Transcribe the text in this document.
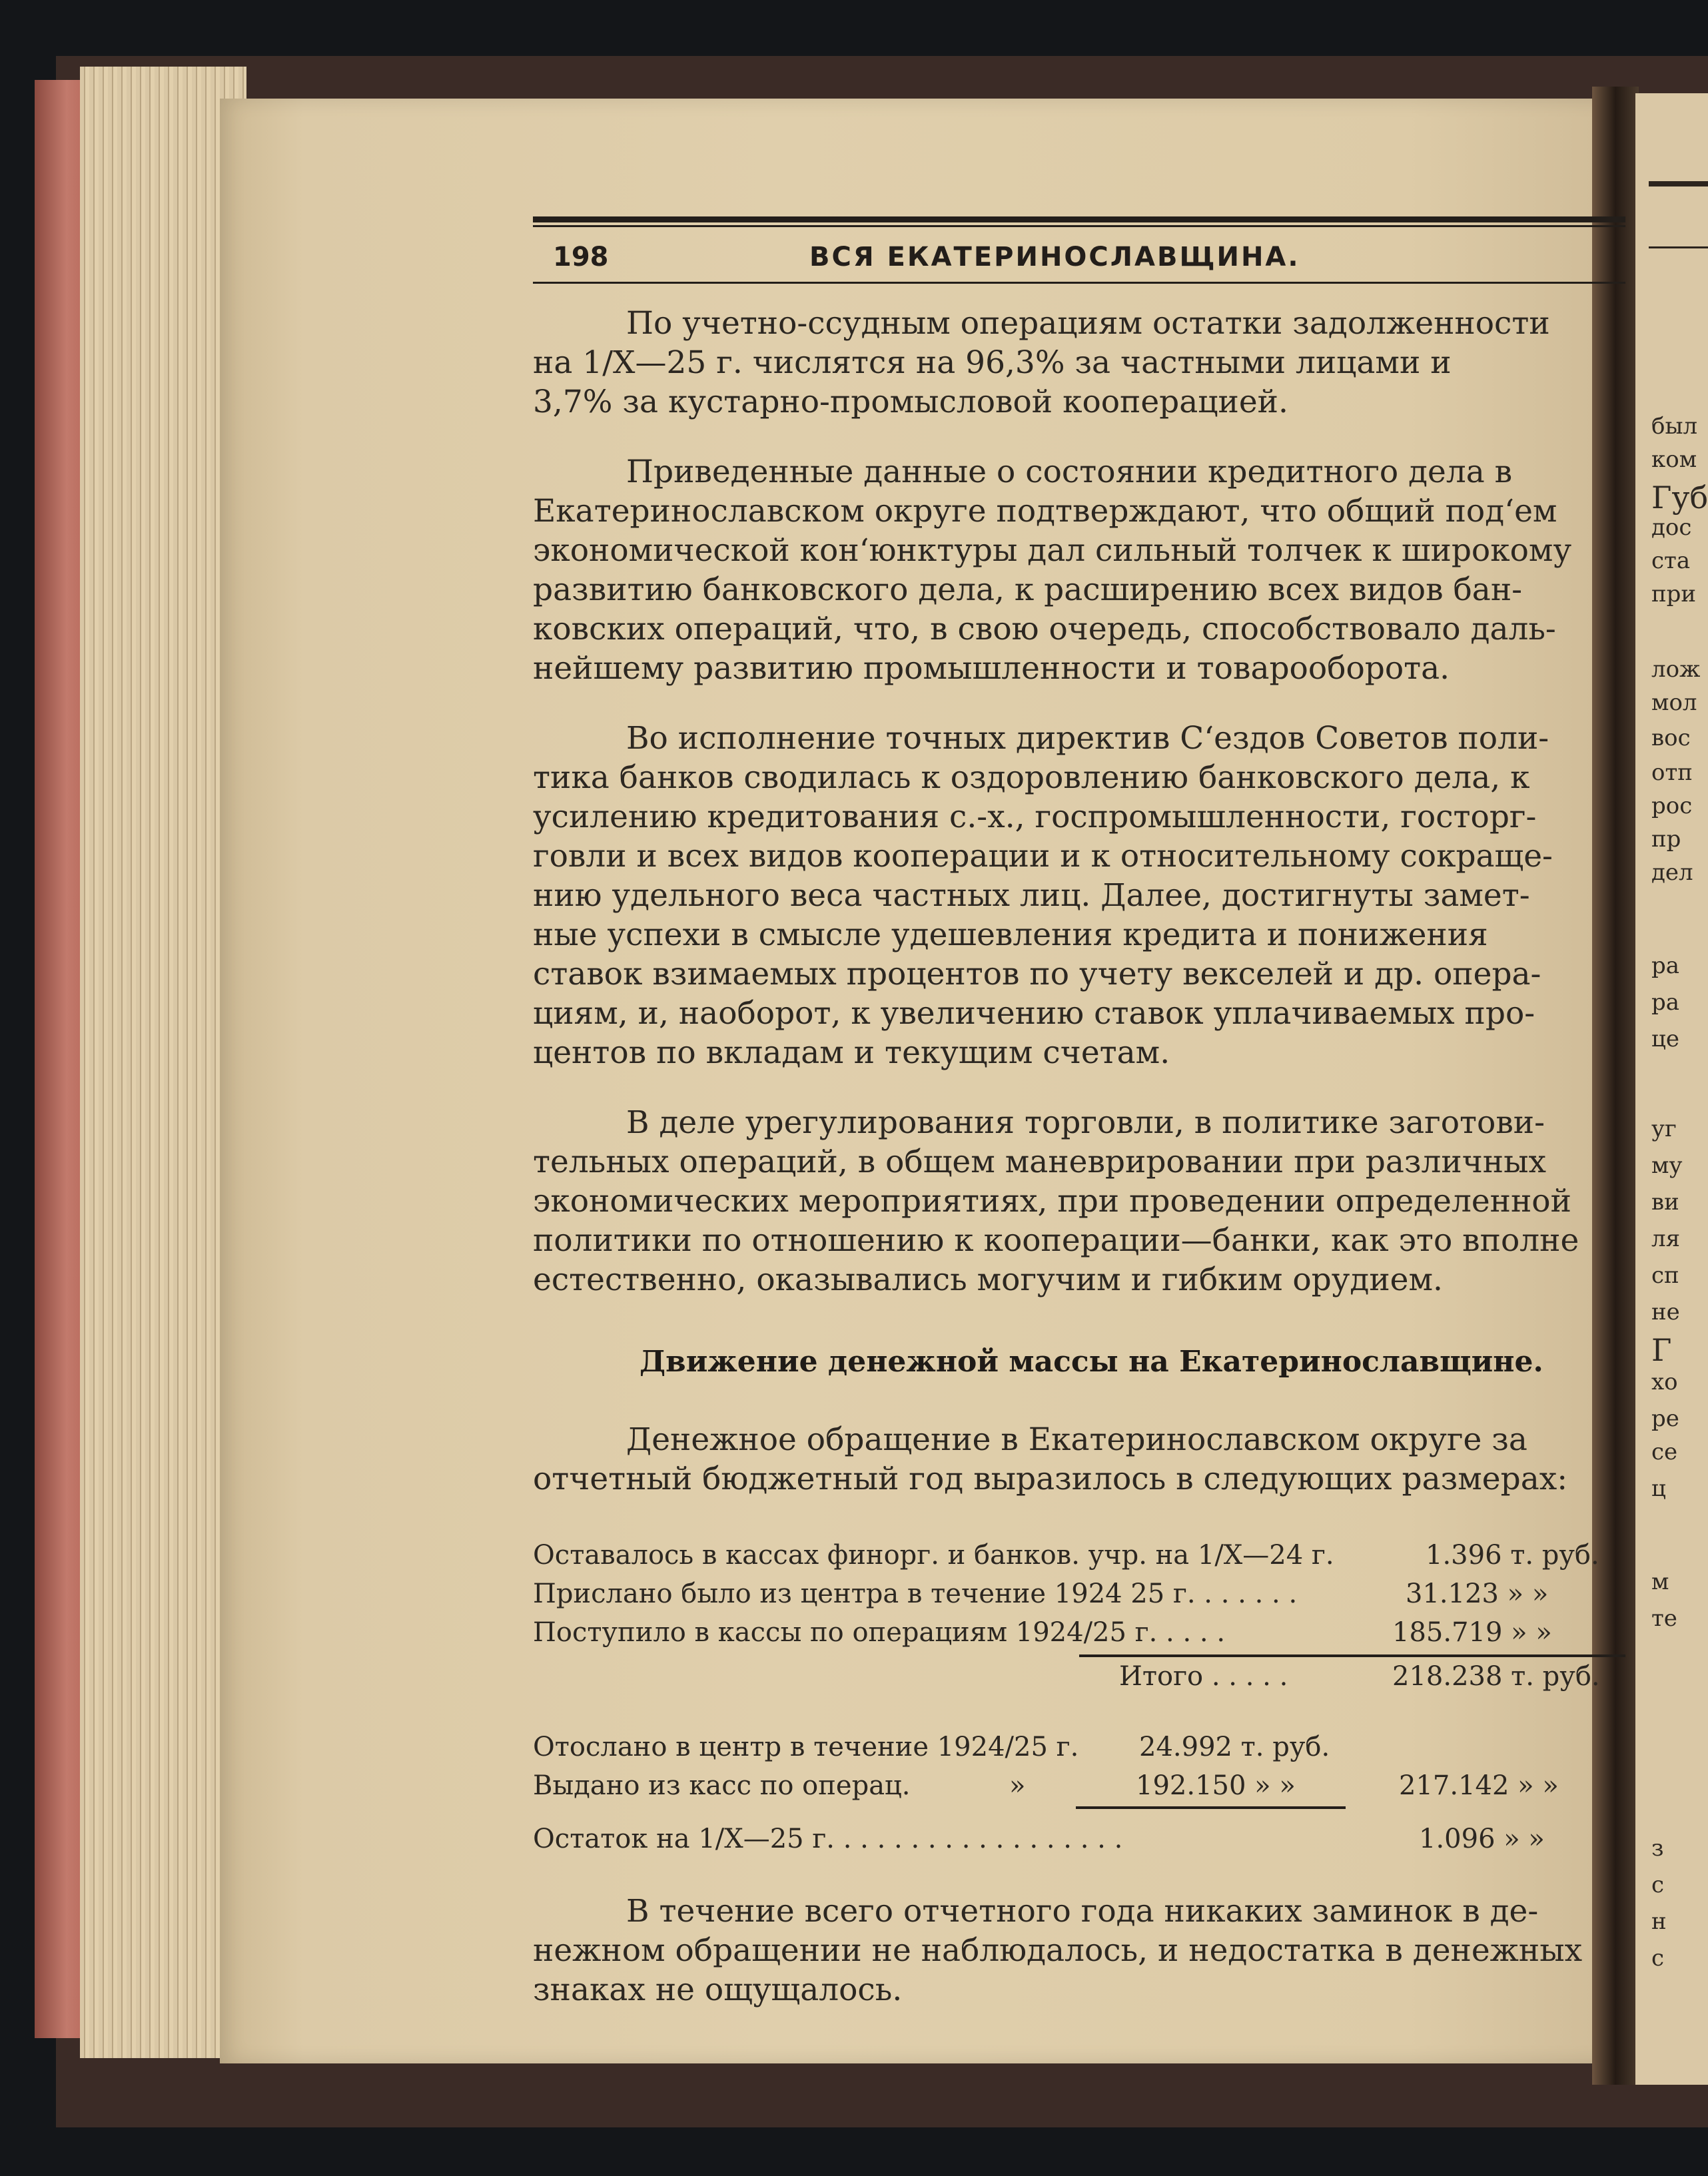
был
ком
Губ
дос
ста
при
лож
мол
вос
отп
рос
пр
дел
ра
ра
це
уг
му
ви
ля
сп
не
Г
хо
ре
се
ц
м
те
з
с
н
с
198	ВСЯ ЕКАТЕРИНОСЛАВЩИНА.

По учетно-ссудным операциям остатки задолженности

на 1/X—25 г. числятся на 96,3% за частными лицами и

3,7% за кустарно-промысловой кооперацией.

Приведенные данные о состоянии кредитного дела в

Екатеринославском округе подтверждают, что общий под‘ем

экономической кон‘юнктуры дал сильный толчек к широкому

развитию банковского дела, к расширению всех видов бан-

ковских операций, что, в свою очередь, способствовало даль-

нейшему развитию промышленности и товарооборота.

Во исполнение точных директив С‘ездов Советов поли-

тика банков сводилась к оздоровлению банковского дела, к

усилению кредитования с.-х., госпромышленности, госторг-

говли и всех видов кооперации и к относительному сокраще-

нию удельного веса частных лиц. Далее, достигнуты замет-

ные успехи в смысле удешевления кредита и понижения

ставок взимаемых процентов по учету векселей и др. опера-

циям, и, наоборот, к увеличению ставок уплачиваемых про-

центов по вкладам и текущим счетам.

В деле урегулирования торговли, в политике заготови-

тельных операций, в общем маневрировании при различных

экономических мероприятиях, при проведении определенной

политики по отношению к кооперации—банки, как это вполне

естественно, оказывались могучим и гибким орудием.

Движение денежной массы на Екатеринославщине.

Денежное обращение в Екатеринославском округе за

отчетный бюджетный год выразилось в следующих размерах:

Оставалось в кассах финорг. и банков. учр. на 1/X—24 г.	1.396 т. руб.
Прислано было из центра в течение 1924 25 г. . . . . . .	31.123 » »
Поступило в кассы по операциям 1924/25 г. . . . .	185.719 » »
Итого . . . . .	218.238 т. руб.
Отослано в центр в течение 1924/25 г. 24.992 т. руб.
Выдано из касс по операц.	»	192.150 » »	217.142 » »
Остаток на 1/X—25 г. . . . . . . . . . . . . . . . . .	1.096 » »

В течение всего отчетного года никаких заминок в де-

нежном обращении не наблюдалось, и недостатка в денежных

знаках не ощущалось.
